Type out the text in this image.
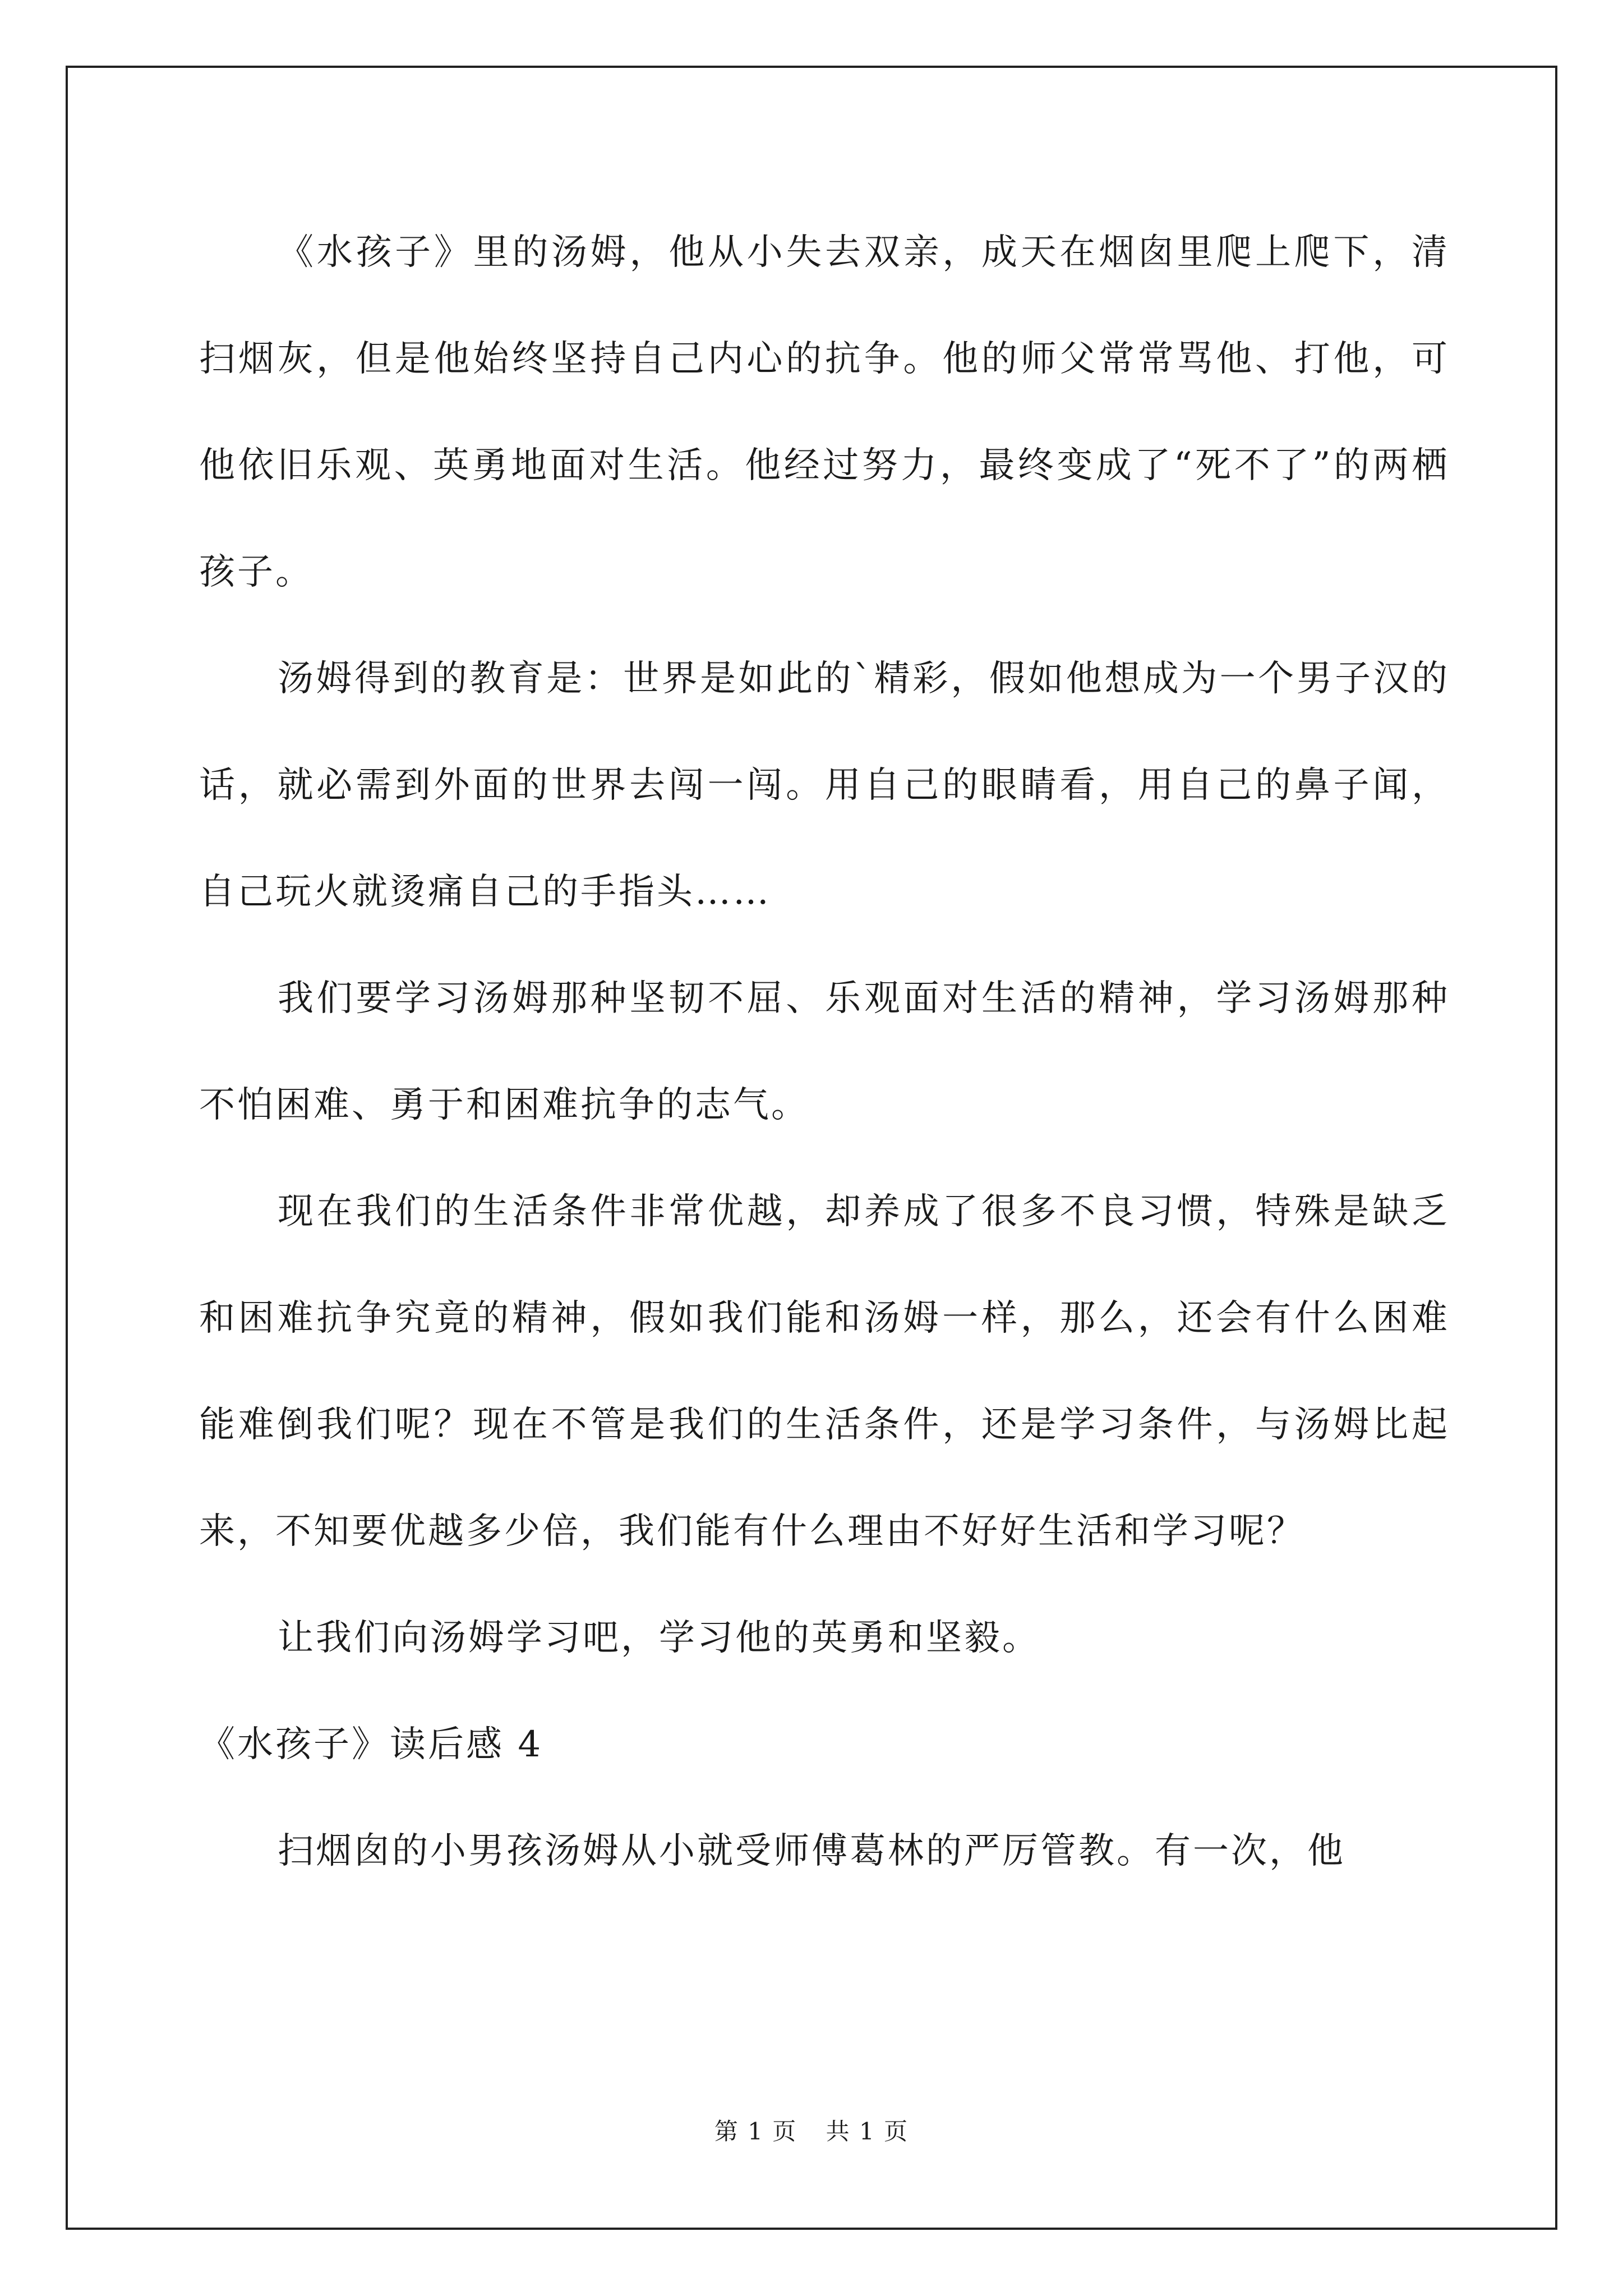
《水孩子》里的汤姆，他从小失去双亲，成天在烟囱里爬上爬下，清扫烟灰，但是他始终坚持自己内心的抗争。他的师父常常骂他、打他，可他依旧乐观、英勇地面对生活。他经过努力，最终变成了“死不了”的两栖孩子。

汤姆得到的教育是：世界是如此的`精彩，假如他想成为一个男子汉的话，就必需到外面的世界去闯一闯。用自己的眼睛看，用自己的鼻子闻，自己玩火就烫痛自己的手指头……

我们要学习汤姆那种坚韧不屈、乐观面对生活的精神，学习汤姆那种不怕困难、勇于和困难抗争的志气。

现在我们的生活条件非常优越，却养成了很多不良习惯，特殊是缺乏和困难抗争究竟的精神，假如我们能和汤姆一样，那么，还会有什么困难能难倒我们呢？现在不管是我们的生活条件，还是学习条件，与汤姆比起来，不知要优越多少倍，我们能有什么理由不好好生活和学习呢？

让我们向汤姆学习吧，学习他的英勇和坚毅。

《水孩子》读后感 4

扫烟囱的小男孩汤姆从小就受师傅葛林的严厉管教。有一次，他

第 1 页 共 1 页
